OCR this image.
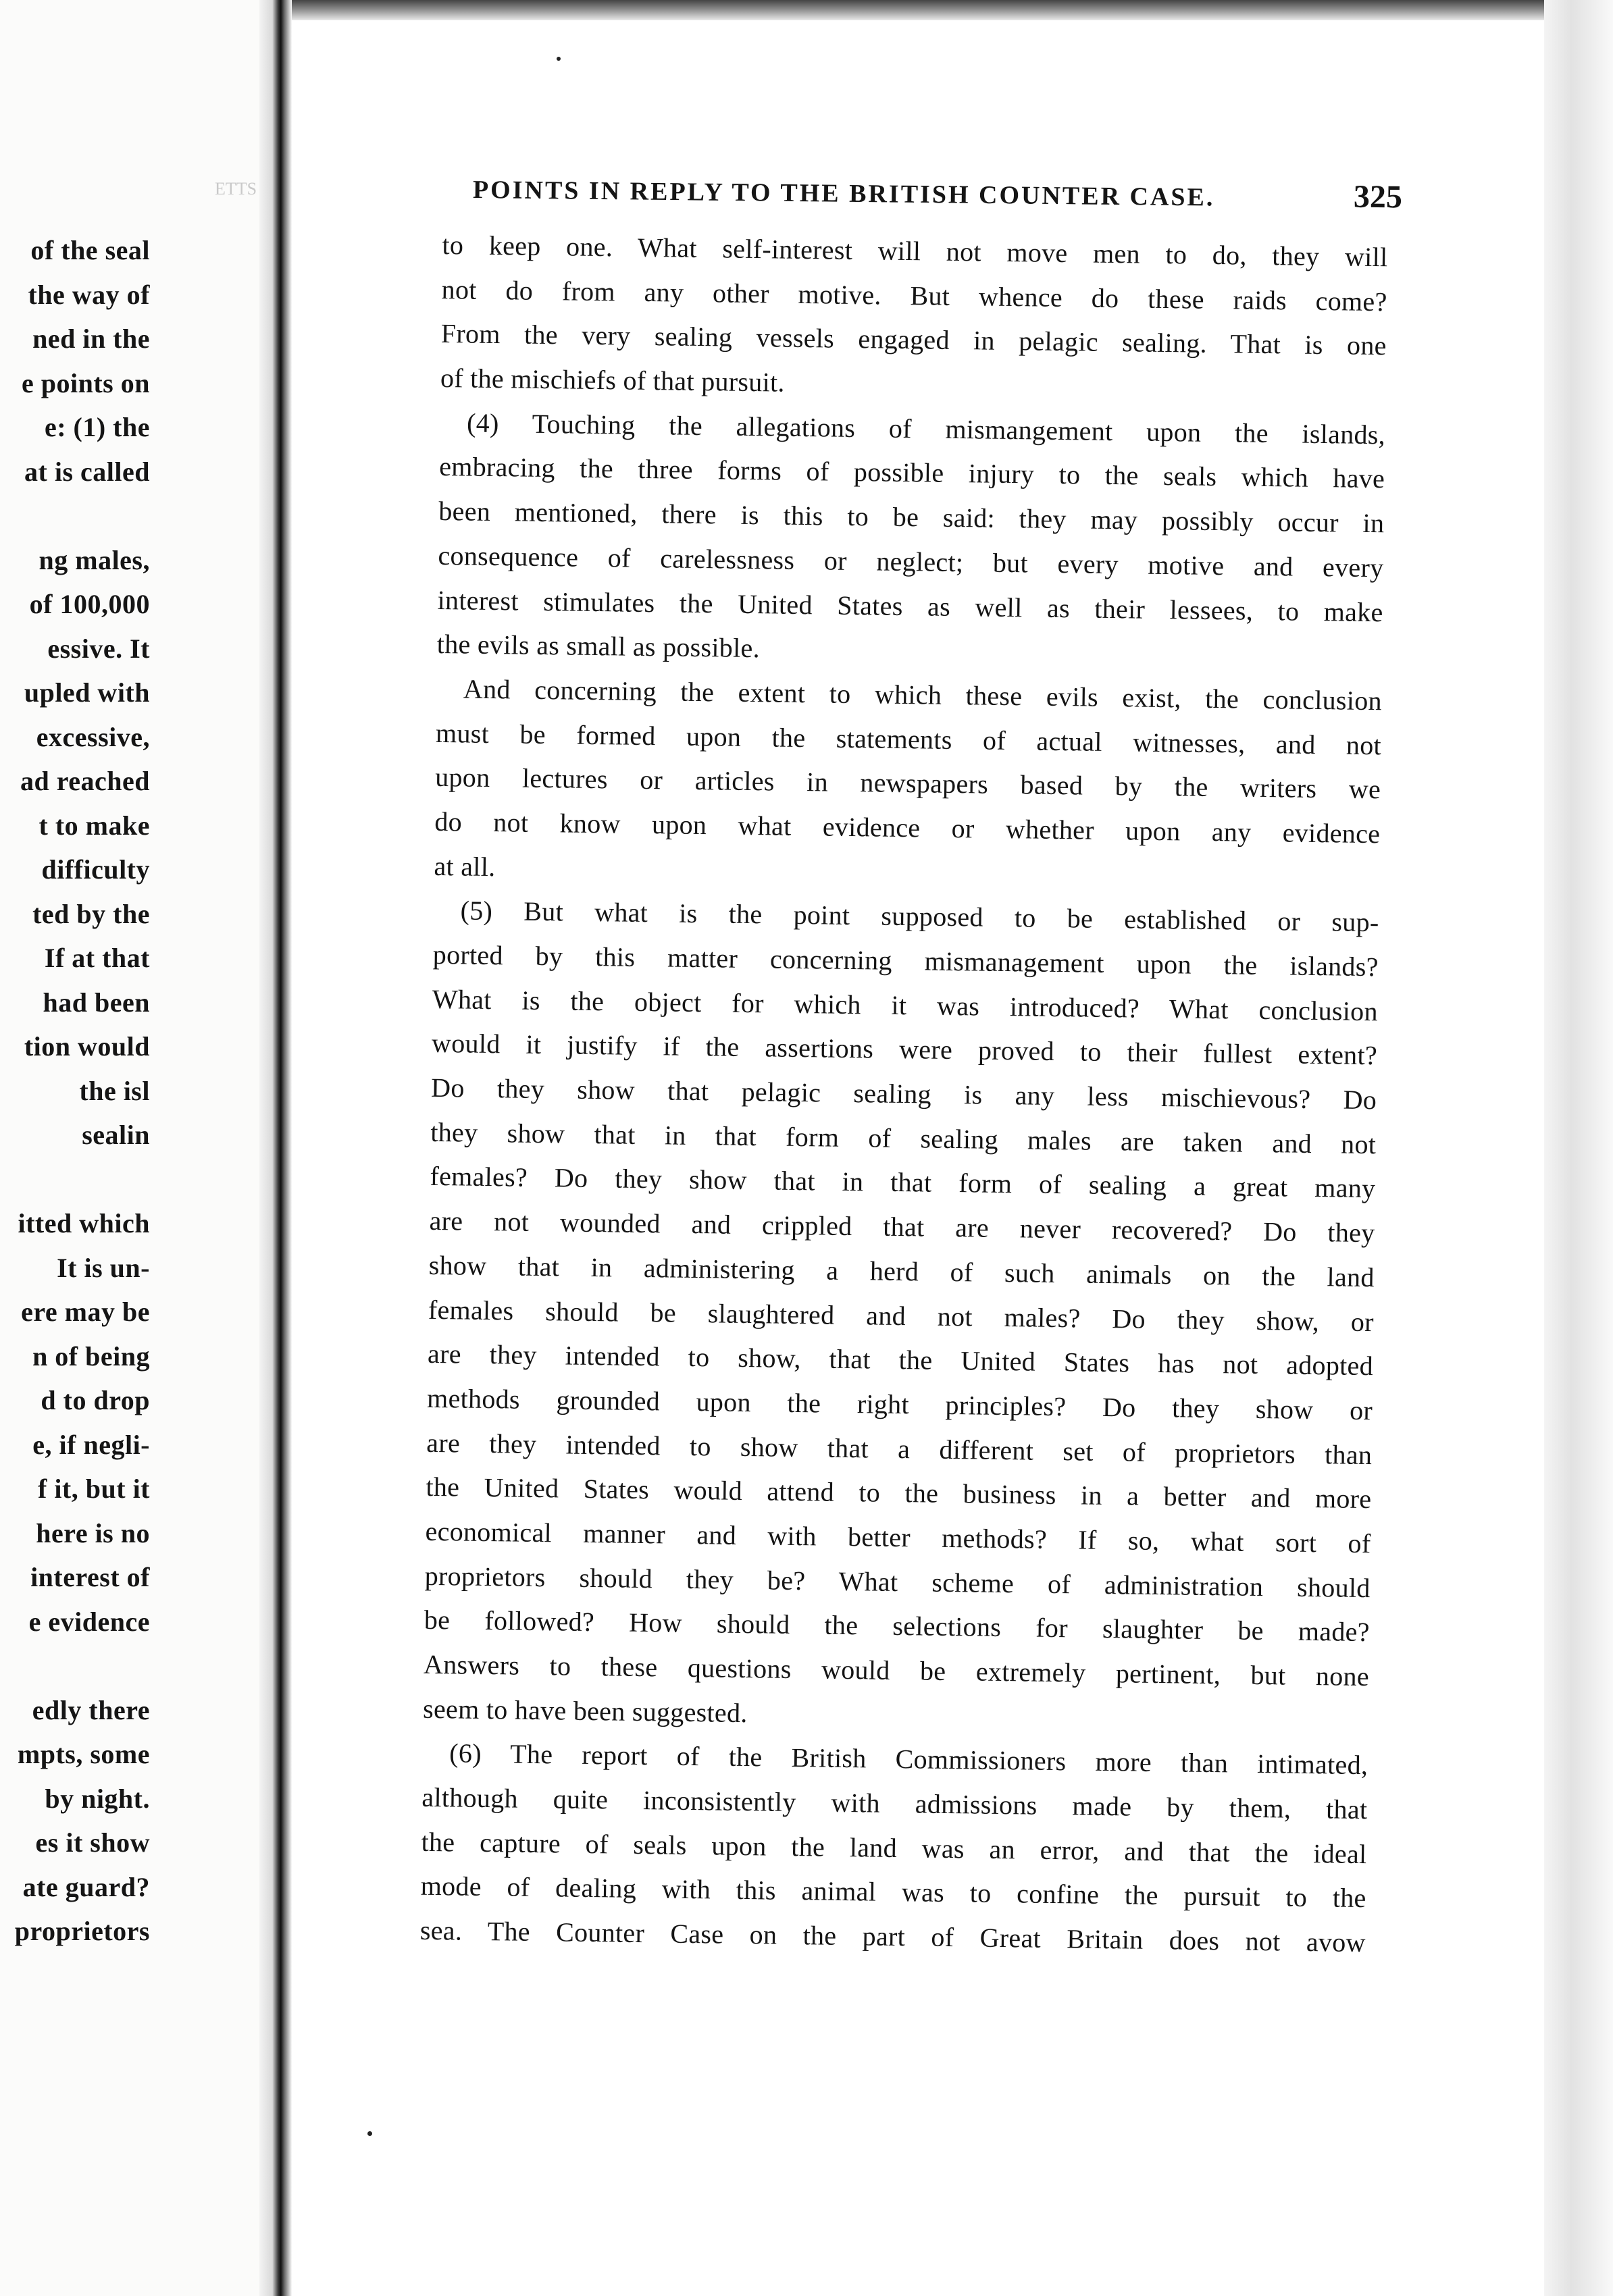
ETTS
of the seal
the way of
ned in the
e points on
e: (1) the
at is called
ng males,
of 100,000
essive. It
upled with
excessive,
ad reached
t to make
difficulty
ted by the
If at that
had been
tion would
the isl
sealin
itted which
It is un-
ere may be
n of being
d to drop
e, if negli-
f it, but it
here is no
interest of
e evidence
edly there
mpts, some
by night.
es it show
ate guard?
proprietors
POINTS IN REPLY TO THE BRITISH COUNTER CASE.	325
to keep one. What self-interest will not move men to do, they will
not do from any other motive. But whence do these raids come?
From the very sealing vessels engaged in pelagic sealing. That is one
of the mischiefs of that pursuit.
(4) Touching the allegations of mismangement upon the islands,
embracing the three forms of possible injury to the seals which have
been mentioned, there is this to be said: they may possibly occur in
consequence of carelessness or neglect; but every motive and every
interest stimulates the United States as well as their lessees, to make
the evils as small as possible.
And concerning the extent to which these evils exist, the conclusion
must be formed upon the statements of actual witnesses, and not
upon lectures or articles in newspapers based by the writers we
do not know upon what evidence or whether upon any evidence
at all.
(5) But what is the point supposed to be established or sup-
ported by this matter concerning mismanagement upon the islands?
What is the object for which it was introduced? What conclusion
would it justify if the assertions were proved to their fullest extent?
Do they show that pelagic sealing is any less mischievous? Do
they show that in that form of sealing males are taken and not
females? Do they show that in that form of sealing a great many
are not wounded and crippled that are never recovered? Do they
show that in administering a herd of such animals on the land
females should be slaughtered and not males? Do they show, or
are they intended to show, that the United States has not adopted
methods grounded upon the right principles? Do they show or
are they intended to show that a different set of proprietors than
the United States would attend to the business in a better and more
economical manner and with better methods? If so, what sort of
proprietors should they be? What scheme of administration should
be followed? How should the selections for slaughter be made?
Answers to these questions would be extremely pertinent, but none
seem to have been suggested.
(6) The report of the British Commissioners more than intimated,
although quite inconsistently with admissions made by them, that
the capture of seals upon the land was an error, and that the ideal
mode of dealing with this animal was to confine the pursuit to the
sea. The Counter Case on the part of Great Britain does not avow
